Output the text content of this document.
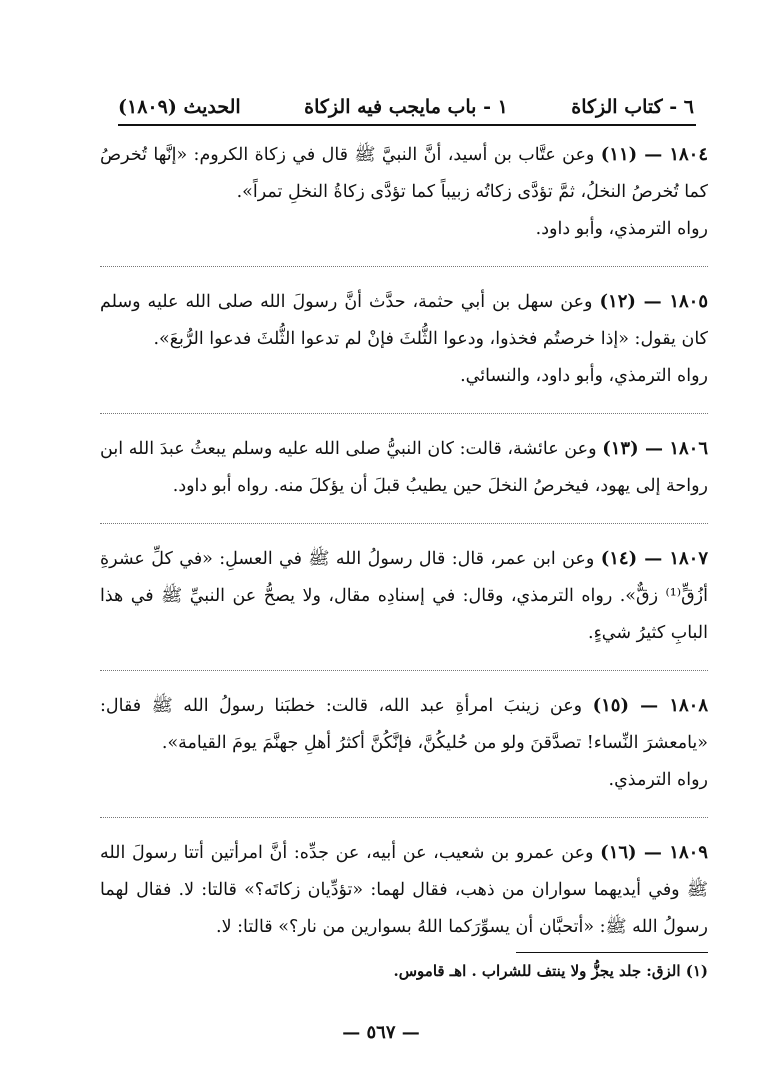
٦ - كتاب الزكاة
١ - باب مايجب فيه الزكاة
الحديث (١٨٠٩)

١٨٠٤ — (١١) وعن عتَّاب بن أسيد، أنَّ النبيَّ ﷺ قال في زكاة الكروم: «إنَّها تُخرصُ كما تُخرصُ النخلُ، ثمَّ تؤدَّى زكاتُه زبيباً كما تؤدَّى زكاةُ النخلِ تمراً».

رواه الترمذي، وأبو داود.

١٨٠٥ — (١٢) وعن سهل بن أبي حثمة، حدَّث أنَّ رسولَ الله صلى الله عليه وسلم كان يقول: «إذا خرصتُم فخذوا، ودعوا الثُّلثَ فإنْ لم تدعوا الثُّلثَ فدعوا الرُّبعَ».

رواه الترمذي، وأبو داود، والنسائي.

١٨٠٦ — (١٣) وعن عائشة، قالت: كان النبيُّ صلى الله عليه وسلم يبعثُ عبدَ الله ابن رواحة إلى يهود، فيخرصُ النخلَ حين يطيبُ قبلَ أن يؤكلَ منه. رواه أبو داود.

١٨٠٧ — (١٤) وعن ابن عمر، قال: قال رسولُ الله ﷺ في العسلِ: «في كلِّ عشرةِ أزُقٍّ⁽¹⁾ زقٌّ». رواه الترمذي، وقال: في إسنادِه مقال، ولا يصحُّ عن النبيِّ ﷺ في هذا البابِ كثيرُ شيءٍ.

١٨٠٨ — (١٥) وعن زينبَ امرأةِ عبد الله، قالت: خطبَنا رسولُ الله ﷺ فقال: «يامعشرَ النِّساء! تصدَّقنَ ولو من حُليكُنَّ، فإنَّكُنَّ أكثرُ أهلِ جهنَّمَ يومَ القيامة».

رواه الترمذي.

١٨٠٩ — (١٦) وعن عمرو بن شعيب، عن أبيه، عن جدِّه: أنَّ امرأتين أتتا رسولَ الله ﷺ وفي أيديهما سواران من ذهب، فقال لهما: «تؤدِّيان زكاتَه؟» قالتا: لا. فقال لهما رسولُ الله ﷺ: «أتحبَّان أن يسوِّرَكما اللهُ بسوارين من نار؟» قالتا: لا.

(١) الزق: جلد يجزُّ ولا ينتف للشراب . اهـ قاموس.
— ٥٦٧ —
